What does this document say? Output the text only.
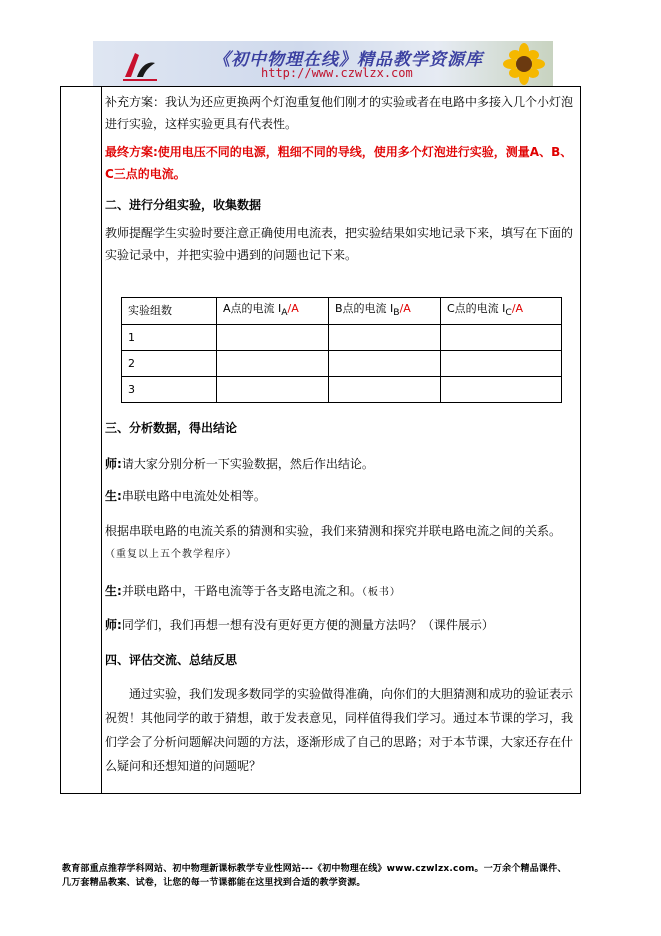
《初中物理在线》精品教学资源库
http://www.czwlzx.com
补充方案：我认为还应更换两个灯泡重复他们刚才的实验或者在电路中多接入几个小灯泡进行实验，这样实验更具有代表性。
最终方案:使用电压不同的电源，粗细不同的导线，使用多个灯泡进行实验，测量A、B、C三点的电流。
二、进行分组实验，收集数据
教师提醒学生实验时要注意正确使用电流表，把实验结果如实地记录下来，填写在下面的实验记录中，并把实验中遇到的问题也记下来。
实验组数	A点的电流 $I_A/A$	B点的电流 $I_B/A$	C点的电流 $I_C/A$
1			
2			
3			
三、分析数据，得出结论
师:请大家分别分析一下实验数据，然后作出结论。
生:串联电路中电流处处相等。
根据串联电路的电流关系的猜测和实验，我们来猜测和探究并联电路电流之间的关系。（重复以上五个教学程序）
生:并联电路中，干路电流等于各支路电流之和。（板书）
师:同学们，我们再想一想有没有更好更方便的测量方法吗？（课件展示）
四、评估交流、总结反思
通过实验，我们发现多数同学的实验做得准确，向你们的大胆猜测和成功的验证表示祝贺！其他同学的敢于猜想，敢于发表意见，同样值得我们学习。通过本节课的学习，我们学会了分析问题解决问题的方法，逐渐形成了自己的思路；对于本节课，大家还存在什么疑问和还想知道的问题呢？
教育部重点推荐学科网站、初中物理新课标教学专业性网站---《初中物理在线》www.czwlzx.com。一万余个精品课件、
几万套精品教案、试卷，让您的每一节课都能在这里找到合适的教学资源。
